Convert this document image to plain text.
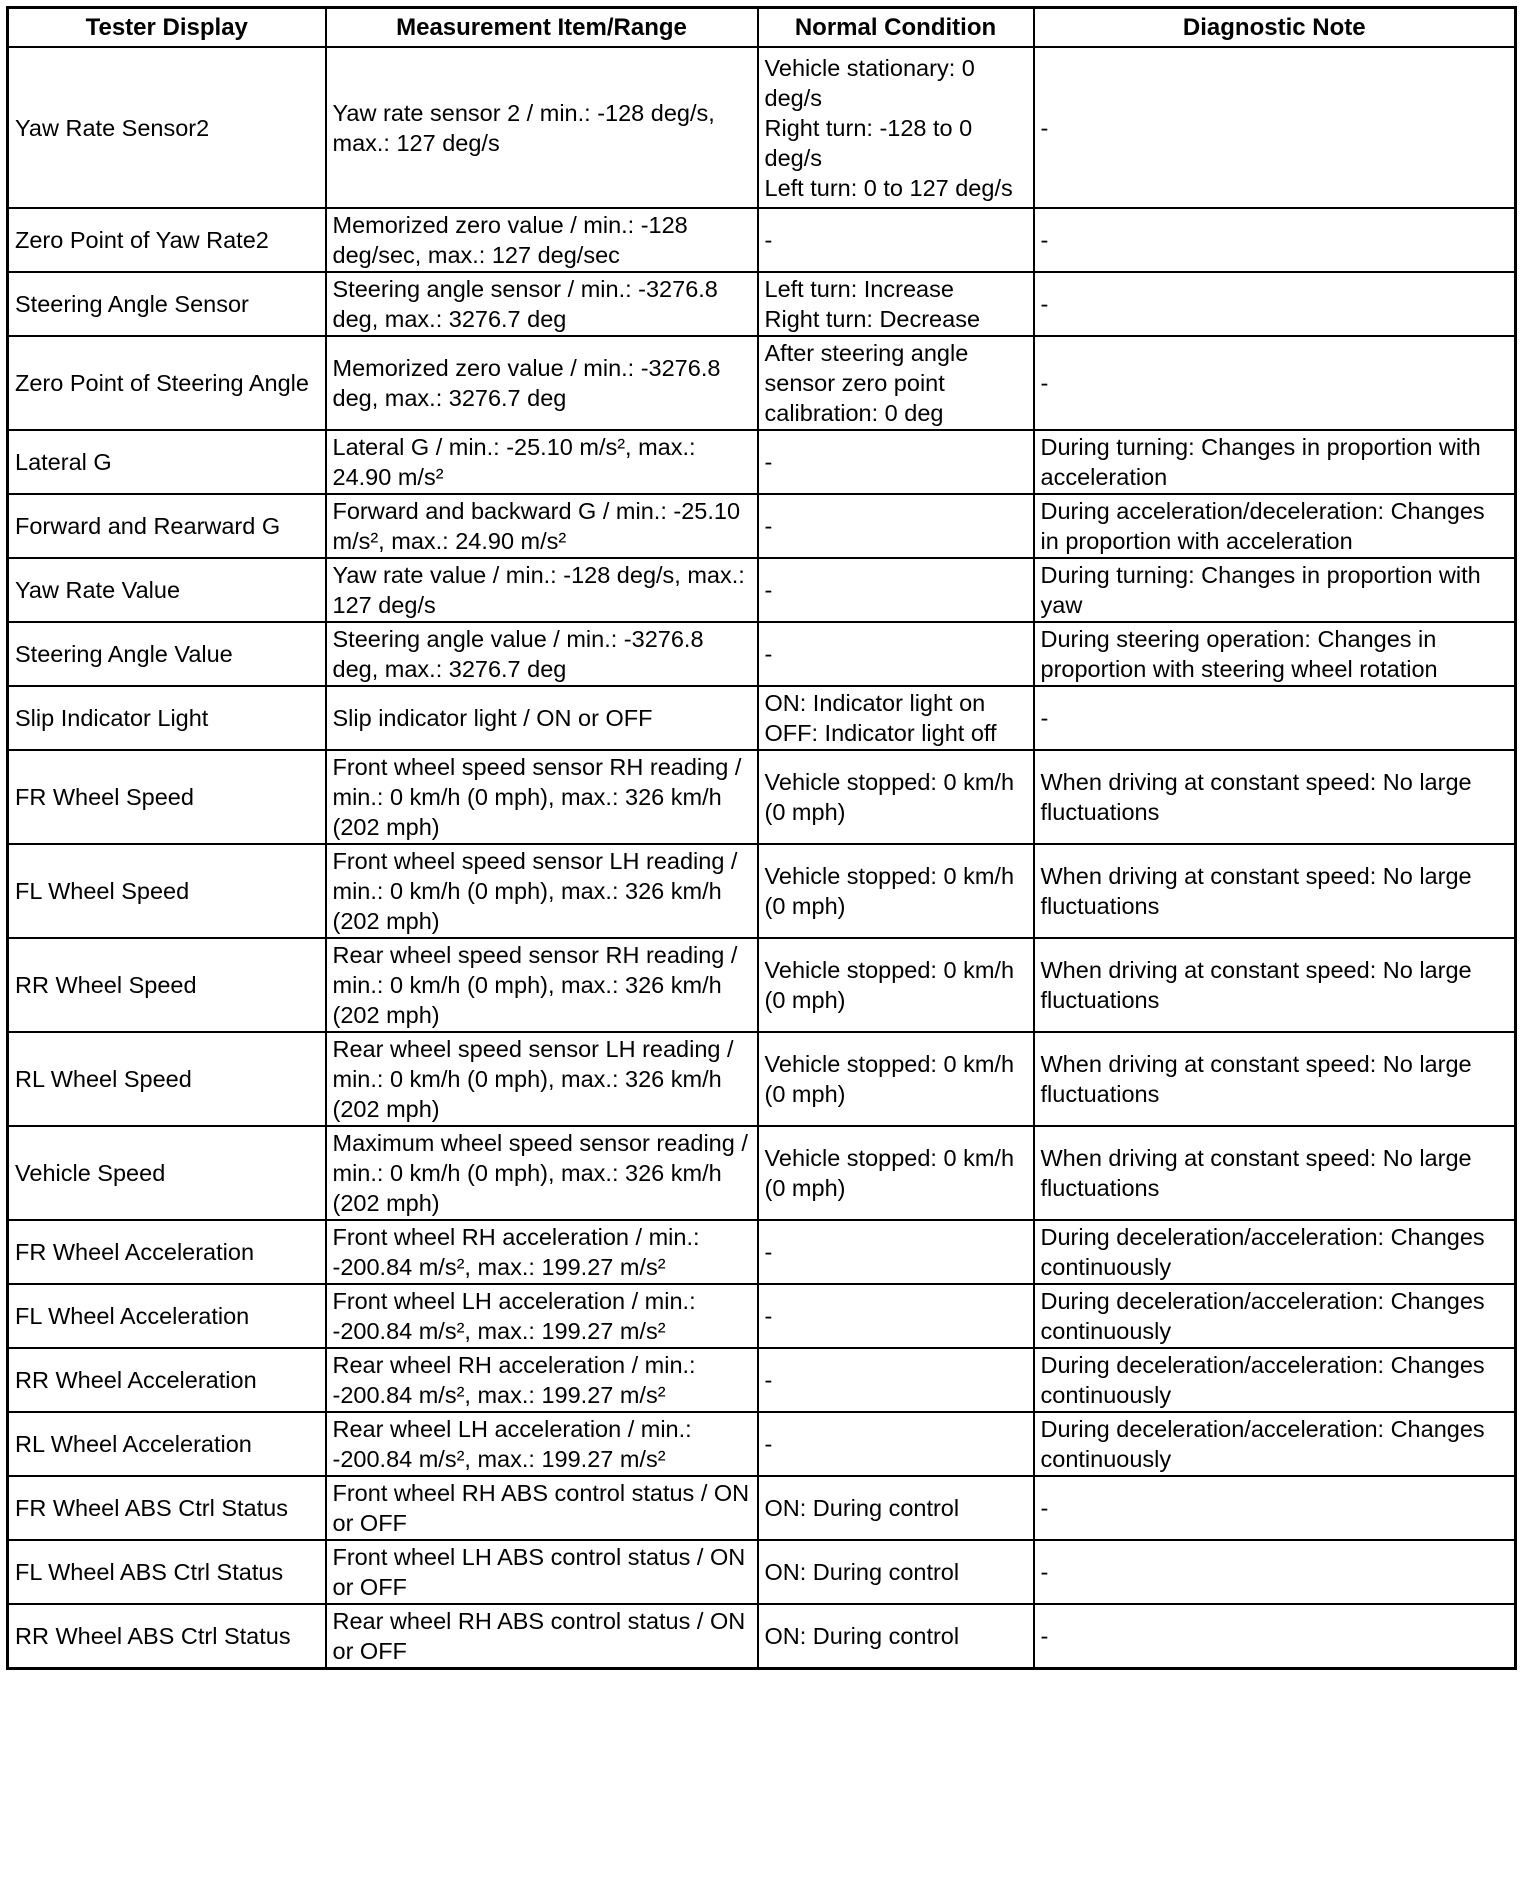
Tester Display	Measurement Item/Range	Normal Condition	Diagnostic Note
Yaw Rate Sensor2	Yaw rate sensor 2 / min.: -128 deg/s, max.: 127 deg/s	Vehicle stationary: 0 deg/s
Right turn: -128 to 0 deg/s
Left turn: 0 to 127 deg/s	-
Zero Point of Yaw Rate2	Memorized zero value / min.: -128 deg/sec, max.: 127 deg/sec	-	-
Steering Angle Sensor	Steering angle sensor / min.: -3276.8 deg, max.: 3276.7 deg	Left turn: Increase
Right turn: Decrease	-
Zero Point of Steering Angle	Memorized zero value / min.: -3276.8 deg, max.: 3276.7 deg	After steering angle sensor zero point calibration: 0 deg	-
Lateral G	Lateral G / min.: -25.10 m/s², max.: 24.90 m/s²	-	During turning: Changes in proportion with acceleration
Forward and Rearward G	Forward and backward G / min.: -25.10 m/s², max.: 24.90 m/s²	-	During acceleration/deceleration: Changes in proportion with acceleration
Yaw Rate Value	Yaw rate value / min.: -128 deg/s, max.: 127 deg/s	-	During turning: Changes in proportion with yaw
Steering Angle Value	Steering angle value / min.: -3276.8 deg, max.: 3276.7 deg	-	During steering operation: Changes in proportion with steering wheel rotation
Slip Indicator Light	Slip indicator light / ON or OFF	ON: Indicator light on
OFF: Indicator light off	-
FR Wheel Speed	Front wheel speed sensor RH reading / min.: 0 km/h (0 mph), max.: 326 km/h (202 mph)	Vehicle stopped: 0 km/h (0 mph)	When driving at constant speed: No large fluctuations
FL Wheel Speed	Front wheel speed sensor LH reading / min.: 0 km/h (0 mph), max.: 326 km/h (202 mph)	Vehicle stopped: 0 km/h (0 mph)	When driving at constant speed: No large fluctuations
RR Wheel Speed	Rear wheel speed sensor RH reading / min.: 0 km/h (0 mph), max.: 326 km/h (202 mph)	Vehicle stopped: 0 km/h (0 mph)	When driving at constant speed: No large fluctuations
RL Wheel Speed	Rear wheel speed sensor LH reading / min.: 0 km/h (0 mph), max.: 326 km/h (202 mph)	Vehicle stopped: 0 km/h (0 mph)	When driving at constant speed: No large fluctuations
Vehicle Speed	Maximum wheel speed sensor reading / min.: 0 km/h (0 mph), max.: 326 km/h (202 mph)	Vehicle stopped: 0 km/h (0 mph)	When driving at constant speed: No large fluctuations
FR Wheel Acceleration	Front wheel RH acceleration / min.: -200.84 m/s², max.: 199.27 m/s²	-	During deceleration/acceleration: Changes continuously
FL Wheel Acceleration	Front wheel LH acceleration / min.: -200.84 m/s², max.: 199.27 m/s²	-	During deceleration/acceleration: Changes continuously
RR Wheel Acceleration	Rear wheel RH acceleration / min.: -200.84 m/s², max.: 199.27 m/s²	-	During deceleration/acceleration: Changes continuously
RL Wheel Acceleration	Rear wheel LH acceleration / min.: -200.84 m/s², max.: 199.27 m/s²	-	During deceleration/acceleration: Changes continuously
FR Wheel ABS Ctrl Status	Front wheel RH ABS control status / ON or OFF	ON: During control	-
FL Wheel ABS Ctrl Status	Front wheel LH ABS control status / ON or OFF	ON: During control	-
RR Wheel ABS Ctrl Status	Rear wheel RH ABS control status / ON or OFF	ON: During control	-
